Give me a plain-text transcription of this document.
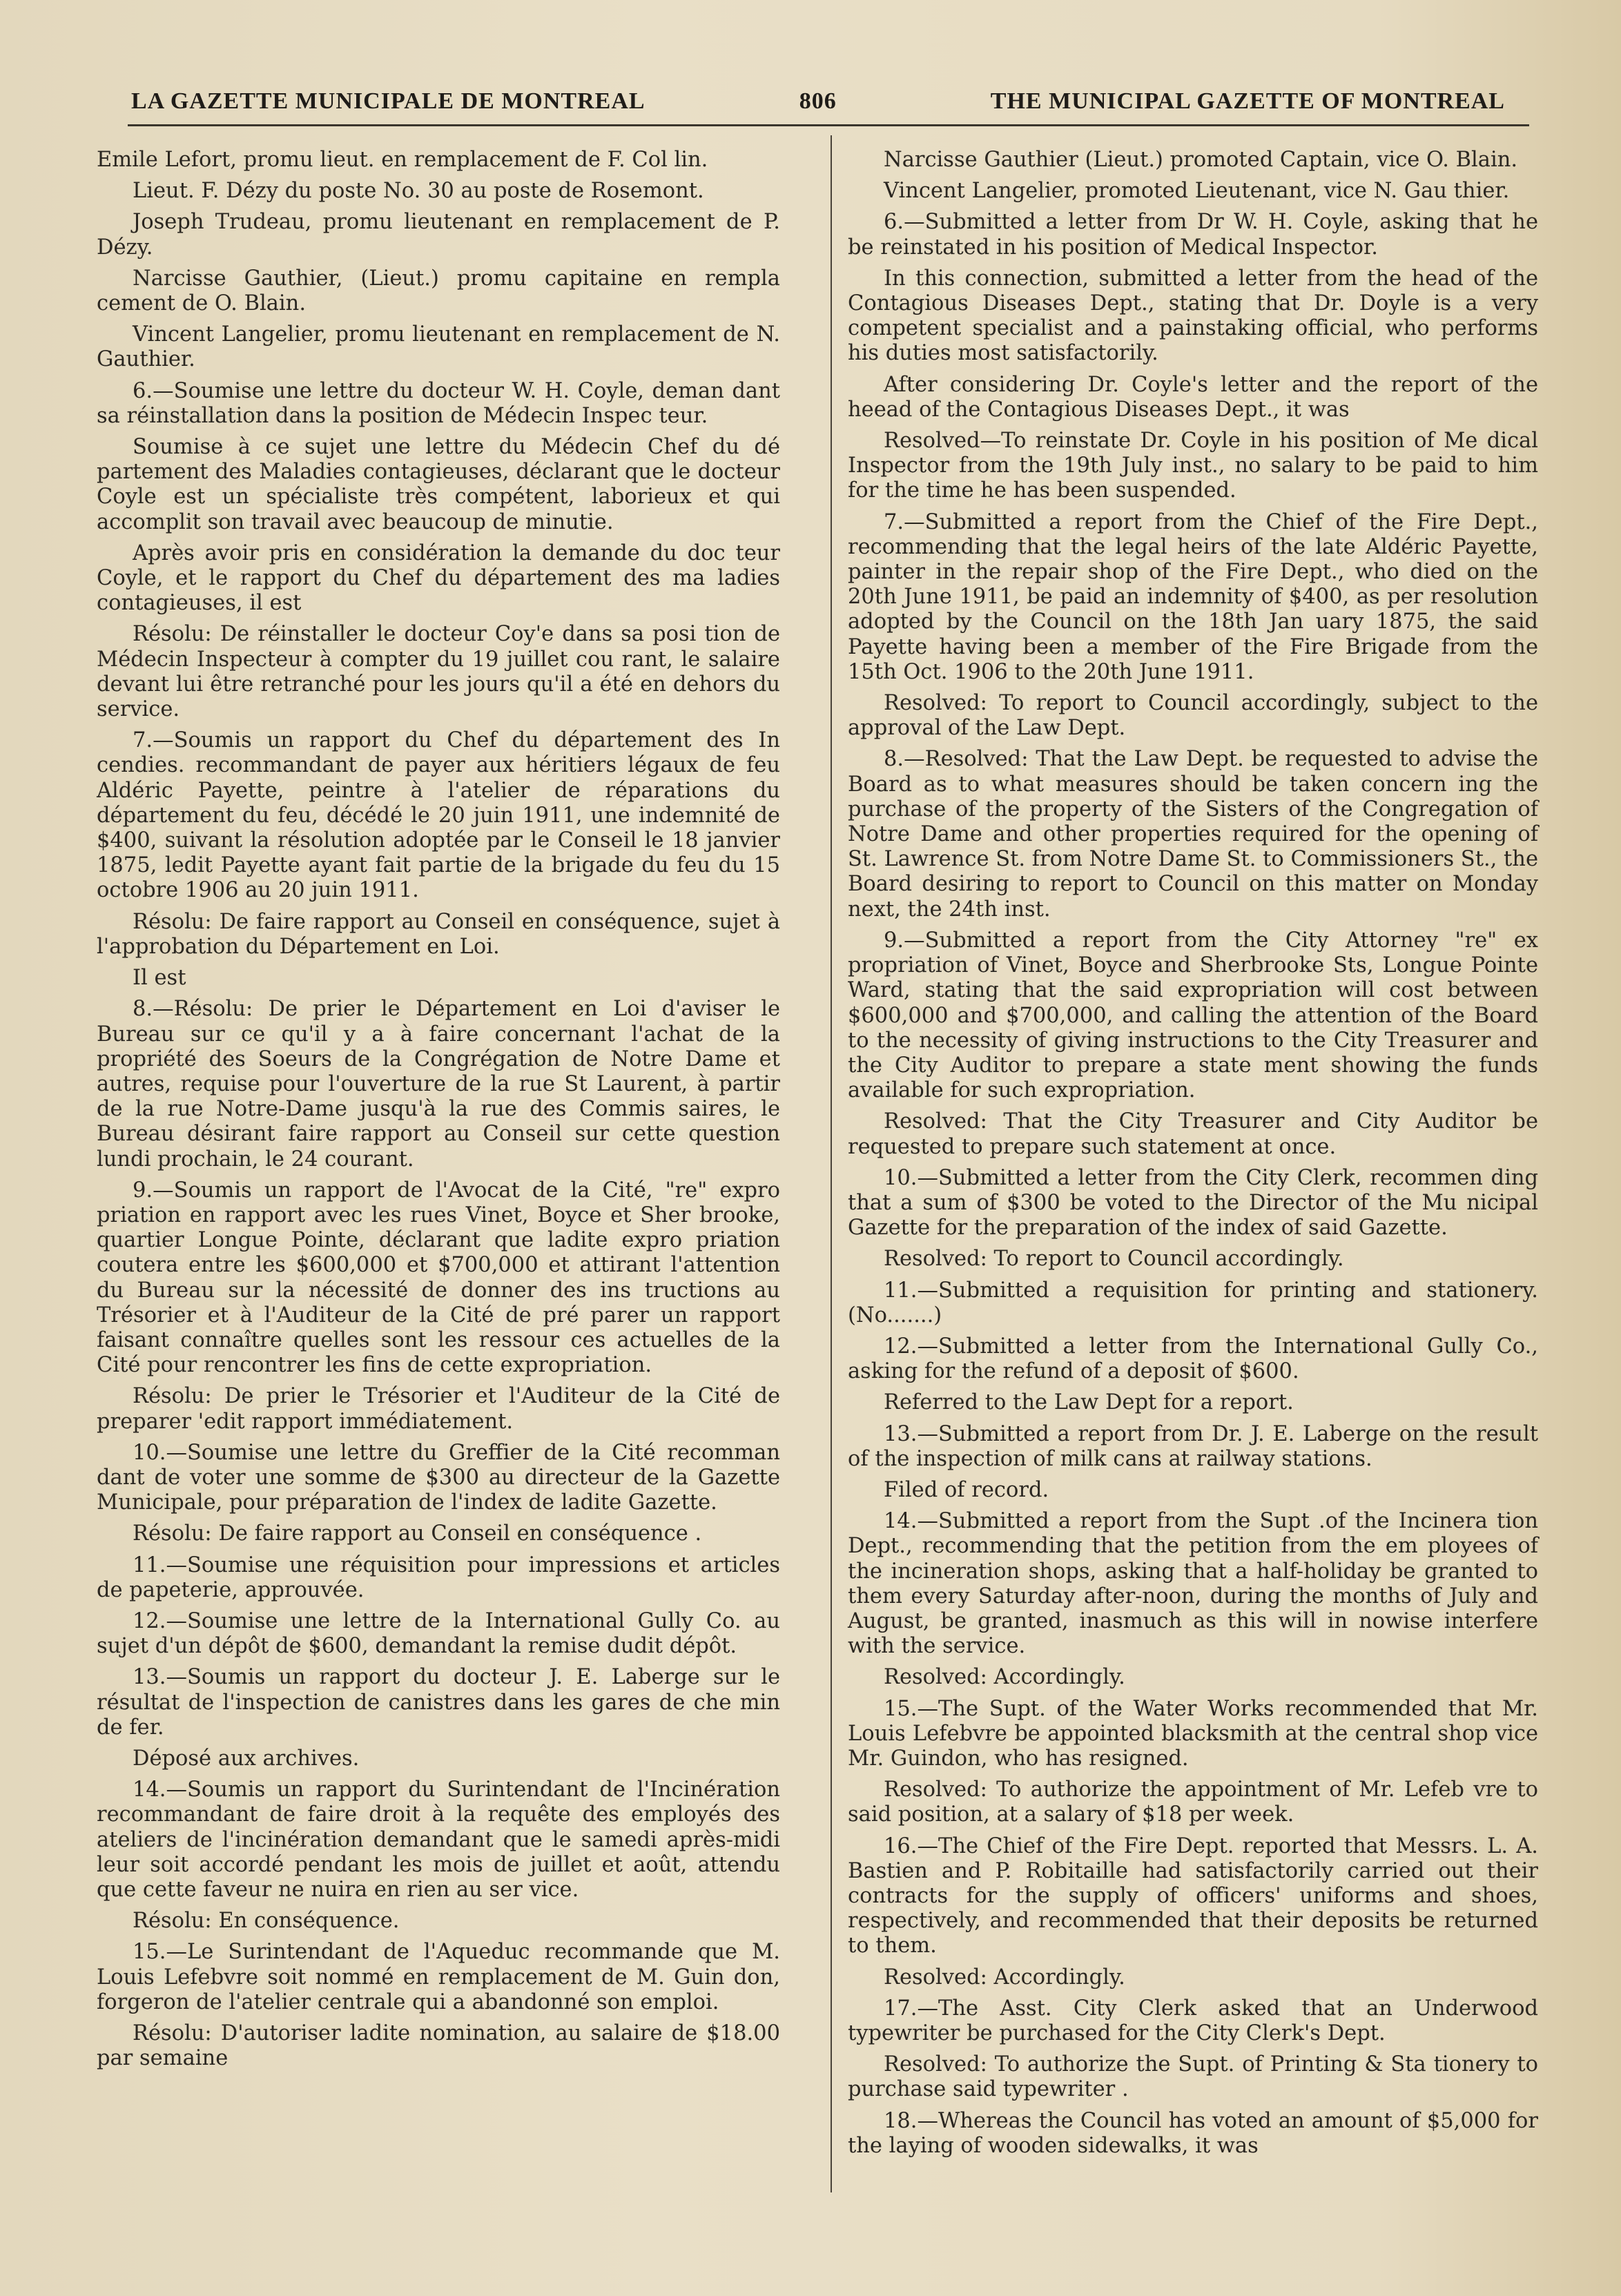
LA GAZETTE MUNICIPALE DE MONTREAL	806	THE MUNICIPAL GAZETTE OF MONTREAL

Emile Lefort, promu lieut. en remplacement de F. Col lin.

Lieut. F. Dézy du poste No. 30 au poste de Rosemont.

Joseph Trudeau, promu lieutenant en remplacement de P. Dézy.

Narcisse Gauthier, (Lieut.) promu capitaine en rempla cement de O. Blain.

Vincent Langelier, promu lieutenant en remplacement de N. Gauthier.

6.—Soumise une lettre du docteur W. H. Coyle, deman dant sa réinstallation dans la position de Médecin Inspec teur.

Soumise à ce sujet une lettre du Médecin Chef du dé partement des Maladies contagieuses, déclarant que le docteur Coyle est un spécialiste très compétent, laborieux et qui accomplit son travail avec beaucoup de minutie.

Après avoir pris en considération la demande du doc teur Coyle, et le rapport du Chef du département des ma ladies contagieuses, il est

Résolu: De réinstaller le docteur Coy'e dans sa posi tion de Médecin Inspecteur à compter du 19 juillet cou rant, le salaire devant lui être retranché pour les jours qu'il a été en dehors du service.

7.—Soumis un rapport du Chef du département des In cendies. recommandant de payer aux héritiers légaux de feu Aldéric Payette, peintre à l'atelier de réparations du département du feu, décédé le 20 juin 1911, une indemnité de $400, suivant la résolution adoptée par le Conseil le 18 janvier 1875, ledit Payette ayant fait partie de la brigade du feu du 15 octobre 1906 au 20 juin 1911.

Résolu: De faire rapport au Conseil en conséquence, sujet à l'approbation du Département en Loi.

Il est

8.—Résolu: De prier le Département en Loi d'aviser le Bureau sur ce qu'il y a à faire concernant l'achat de la propriété des Soeurs de la Congrégation de Notre Dame et autres, requise pour l'ouverture de la rue St Laurent, à partir de la rue Notre-Dame jusqu'à la rue des Commis saires, le Bureau désirant faire rapport au Conseil sur cette question lundi prochain, le 24 courant.

9.—Soumis un rapport de l'Avocat de la Cité, "re" expro priation en rapport avec les rues Vinet, Boyce et Sher brooke, quartier Longue Pointe, déclarant que ladite expro priation coutera entre les $600,000 et $700,000 et attirant l'attention du Bureau sur la nécessité de donner des ins tructions au Trésorier et à l'Auditeur de la Cité de pré parer un rapport faisant connaître quelles sont les ressour ces actuelles de la Cité pour rencontrer les fins de cette expropriation.

Résolu: De prier le Trésorier et l'Auditeur de la Cité de preparer 'edit rapport immédiatement.

10.—Soumise une lettre du Greffier de la Cité recomman dant de voter une somme de $300 au directeur de la Gazette Municipale, pour préparation de l'index de ladite Gazette.

Résolu: De faire rapport au Conseil en conséquence .

11.—Soumise une réquisition pour impressions et articles de papeterie, approuvée.

12.—Soumise une lettre de la International Gully Co. au sujet d'un dépôt de $600, demandant la remise dudit dépôt.

13.—Soumis un rapport du docteur J. E. Laberge sur le résultat de l'inspection de canistres dans les gares de che min de fer.

Déposé aux archives.

14.—Soumis un rapport du Surintendant de l'Incinération recommandant de faire droit à la requête des employés des ateliers de l'incinération demandant que le samedi après-midi leur soit accordé pendant les mois de juillet et août, attendu que cette faveur ne nuira en rien au ser vice.

Résolu: En conséquence.

15.—Le Surintendant de l'Aqueduc recommande que M. Louis Lefebvre soit nommé en remplacement de M. Guin don, forgeron de l'atelier centrale qui a abandonné son emploi.

Résolu: D'autoriser ladite nomination, au salaire de $18.00 par semaine

Narcisse Gauthier (Lieut.) promoted Captain, vice O. Blain.

Vincent Langelier, promoted Lieutenant, vice N. Gau thier.

6.—Submitted a letter from Dr W. H. Coyle, asking that he be reinstated in his position of Medical Inspector.

In this connection, submitted a letter from the head of the Contagious Diseases Dept., stating that Dr. Doyle is a very competent specialist and a painstaking official, who performs his duties most satisfactorily.

After considering Dr. Coyle's letter and the report of the heead of the Contagious Diseases Dept., it was

Resolved—To reinstate Dr. Coyle in his position of Me dical Inspector from the 19th July inst., no salary to be paid to him for the time he has been suspended.

7.—Submitted a report from the Chief of the Fire Dept., recommending that the legal heirs of the late Aldéric Payette, painter in the repair shop of the Fire Dept., who died on the 20th June 1911, be paid an indemnity of $400, as per resolution adopted by the Council on the 18th Jan uary 1875, the said Payette having been a member of the Fire Brigade from the 15th Oct. 1906 to the 20th June 1911.

Resolved: To report to Council accordingly, subject to the approval of the Law Dept.

8.—Resolved: That the Law Dept. be requested to advise the Board as to what measures should be taken concern ing the purchase of the property of the Sisters of the Congregation of Notre Dame and other properties required for the opening of St. Lawrence St. from Notre Dame St. to Commissioners St., the Board desiring to report to Council on this matter on Monday next, the 24th inst.

9.—Submitted a report from the City Attorney "re" ex propriation of Vinet, Boyce and Sherbrooke Sts, Longue Pointe Ward, stating that the said expropriation will cost between $600,000 and $700,000, and calling the attention of the Board to the necessity of giving instructions to the City Treasurer and the City Auditor to prepare a state ment showing the funds available for such expropriation.

Resolved: That the City Treasurer and City Auditor be requested to prepare such statement at once.

10.—Submitted a letter from the City Clerk, recommen ding that a sum of $300 be voted to the Director of the Mu nicipal Gazette for the preparation of the index of said Gazette.

Resolved: To report to Council accordingly.

11.—Submitted a requisition for printing and stationery. (No.......)

12.—Submitted a letter from the International Gully Co., asking for the refund of a deposit of $600.

Referred to the Law Dept for a report.

13.—Submitted a report from Dr. J. E. Laberge on the result of the inspection of milk cans at railway stations.

Filed of record.

14.—Submitted a report from the Supt .of the Incinera tion Dept., recommending that the petition from the em ployees of the incineration shops, asking that a half-holiday be granted to them every Saturday after-noon, during the months of July and August, be granted, inasmuch as this will in nowise interfere with the service.

Resolved: Accordingly.

15.—The Supt. of the Water Works recommended that Mr. Louis Lefebvre be appointed blacksmith at the central shop vice Mr. Guindon, who has resigned.

Resolved: To authorize the appointment of Mr. Lefeb vre to said position, at a salary of $18 per week.

16.—The Chief of the Fire Dept. reported that Messrs. L. A. Bastien and P. Robitaille had satisfactorily carried out their contracts for the supply of officers' uniforms and shoes, respectively, and recommended that their deposits be returned to them.

Resolved: Accordingly.

17.—The Asst. City Clerk asked that an Underwood typewriter be purchased for the City Clerk's Dept.

Resolved: To authorize the Supt. of Printing & Sta tionery to purchase said typewriter .

18.—Whereas the Council has voted an amount of $5,000 for the laying of wooden sidewalks, it was
